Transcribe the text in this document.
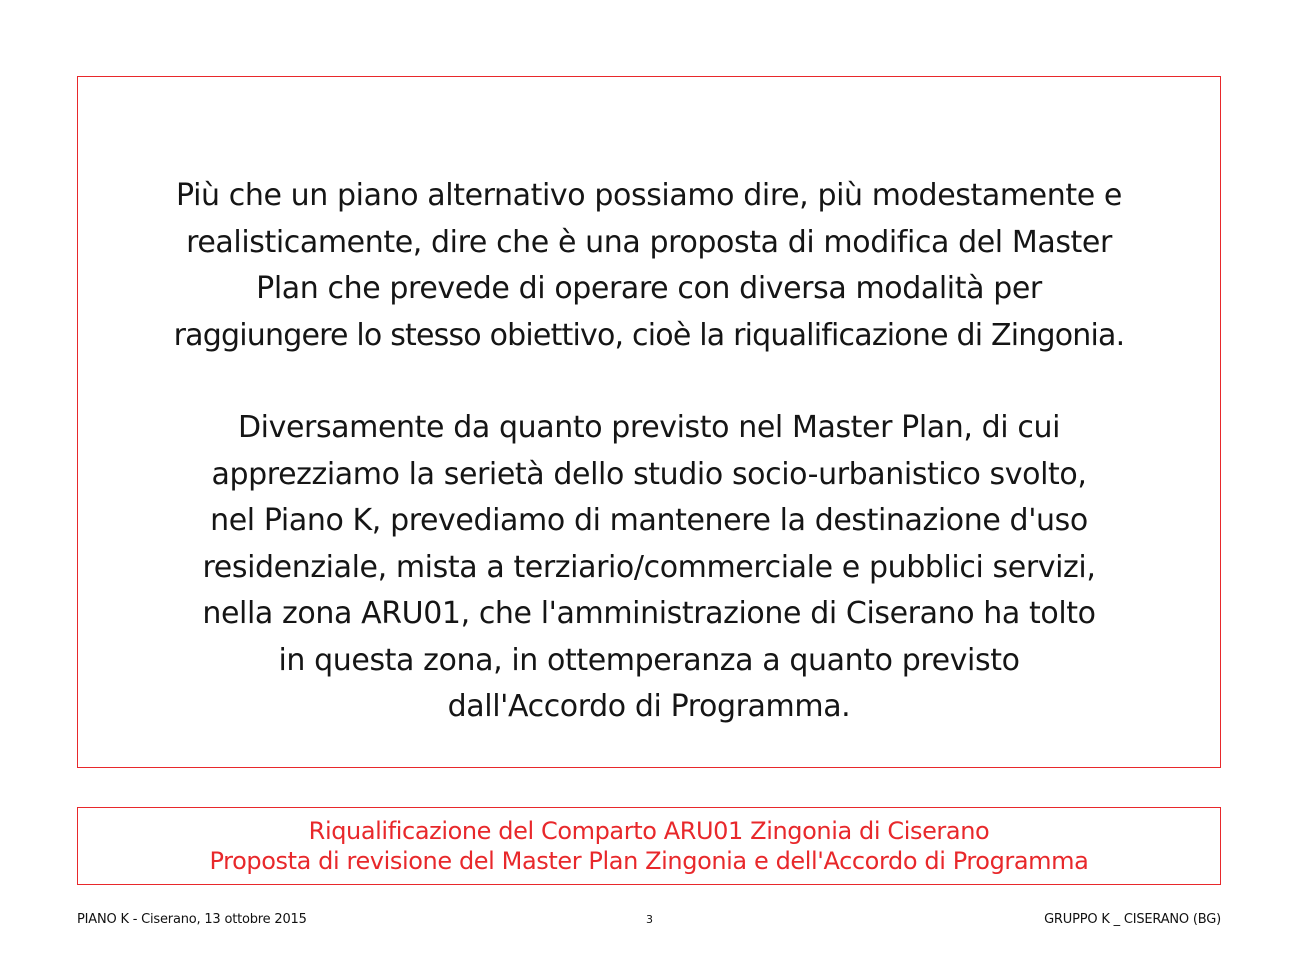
Più che un piano alternativo possiamo dire, più modestamente e
realisticamente, dire che è una proposta di modifica del Master
Plan che prevede di operare con diversa modalità per
raggiungere lo stesso obiettivo, cioè la riqualificazione di Zingonia.

Diversamente da quanto previsto nel Master Plan, di cui
apprezziamo la serietà dello studio socio-urbanistico svolto,
nel Piano K, prevediamo di mantenere la destinazione d'uso
residenziale, mista a terziario/commerciale e pubblici servizi,
nella zona ARU01, che l'amministrazione di Ciserano ha tolto
in questa zona, in ottemperanza a quanto previsto
dall'Accordo di Programma.

Riqualificazione del Comparto ARU01 Zingonia di Ciserano
Proposta di revisione del Master Plan Zingonia e dell'Accordo di Programma
PIANO K - Ciserano, 13 ottobre 2015	3	GRUPPO K _ CISERANO (BG)
